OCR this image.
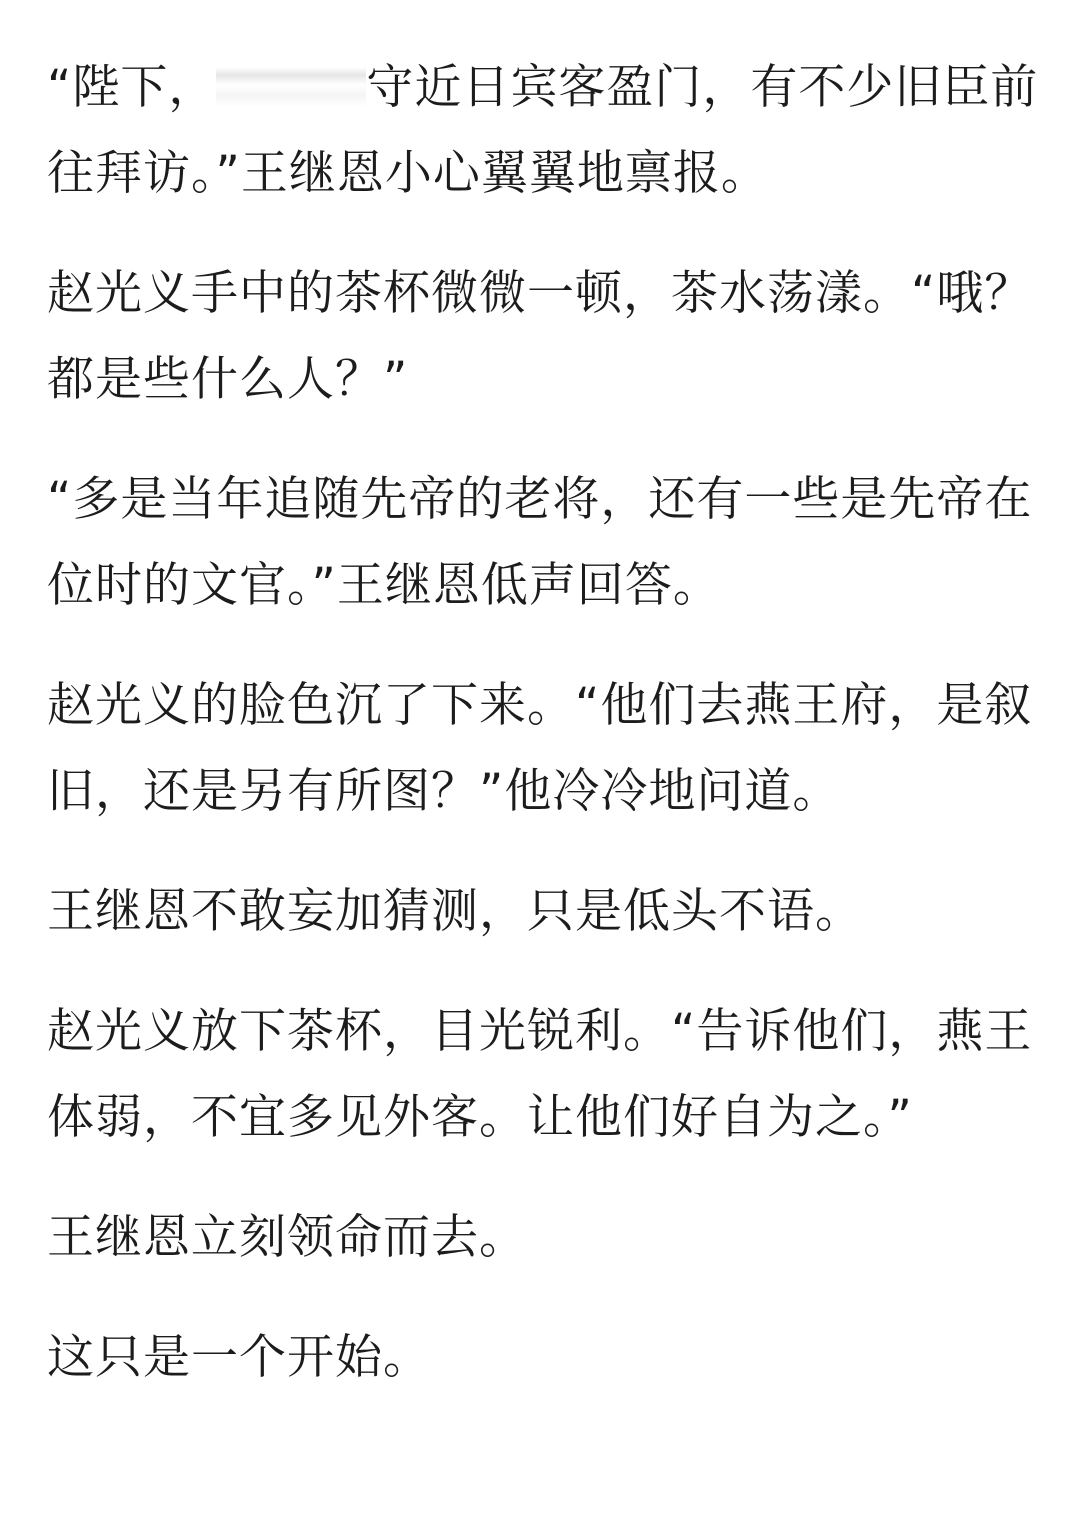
“陛下，	守近日宾客盈门，有不少旧臣前往拜访。”王继恩小心翼翼地禀报。

赵光义手中的茶杯微微一顿，茶水荡漾。“哦？都是些什么人？”

“多是当年追随先帝的老将，还有一些是先帝在位时的文官。”王继恩低声回答。

赵光义的脸色沉了下来。“他们去燕王府，是叙旧，还是另有所图？”他冷冷地问道。

王继恩不敢妄加猜测，只是低头不语。

赵光义放下茶杯，目光锐利。“告诉他们，燕王体弱，不宜多见外客。让他们好自为之。”

王继恩立刻领命而去。

这只是一个开始。
